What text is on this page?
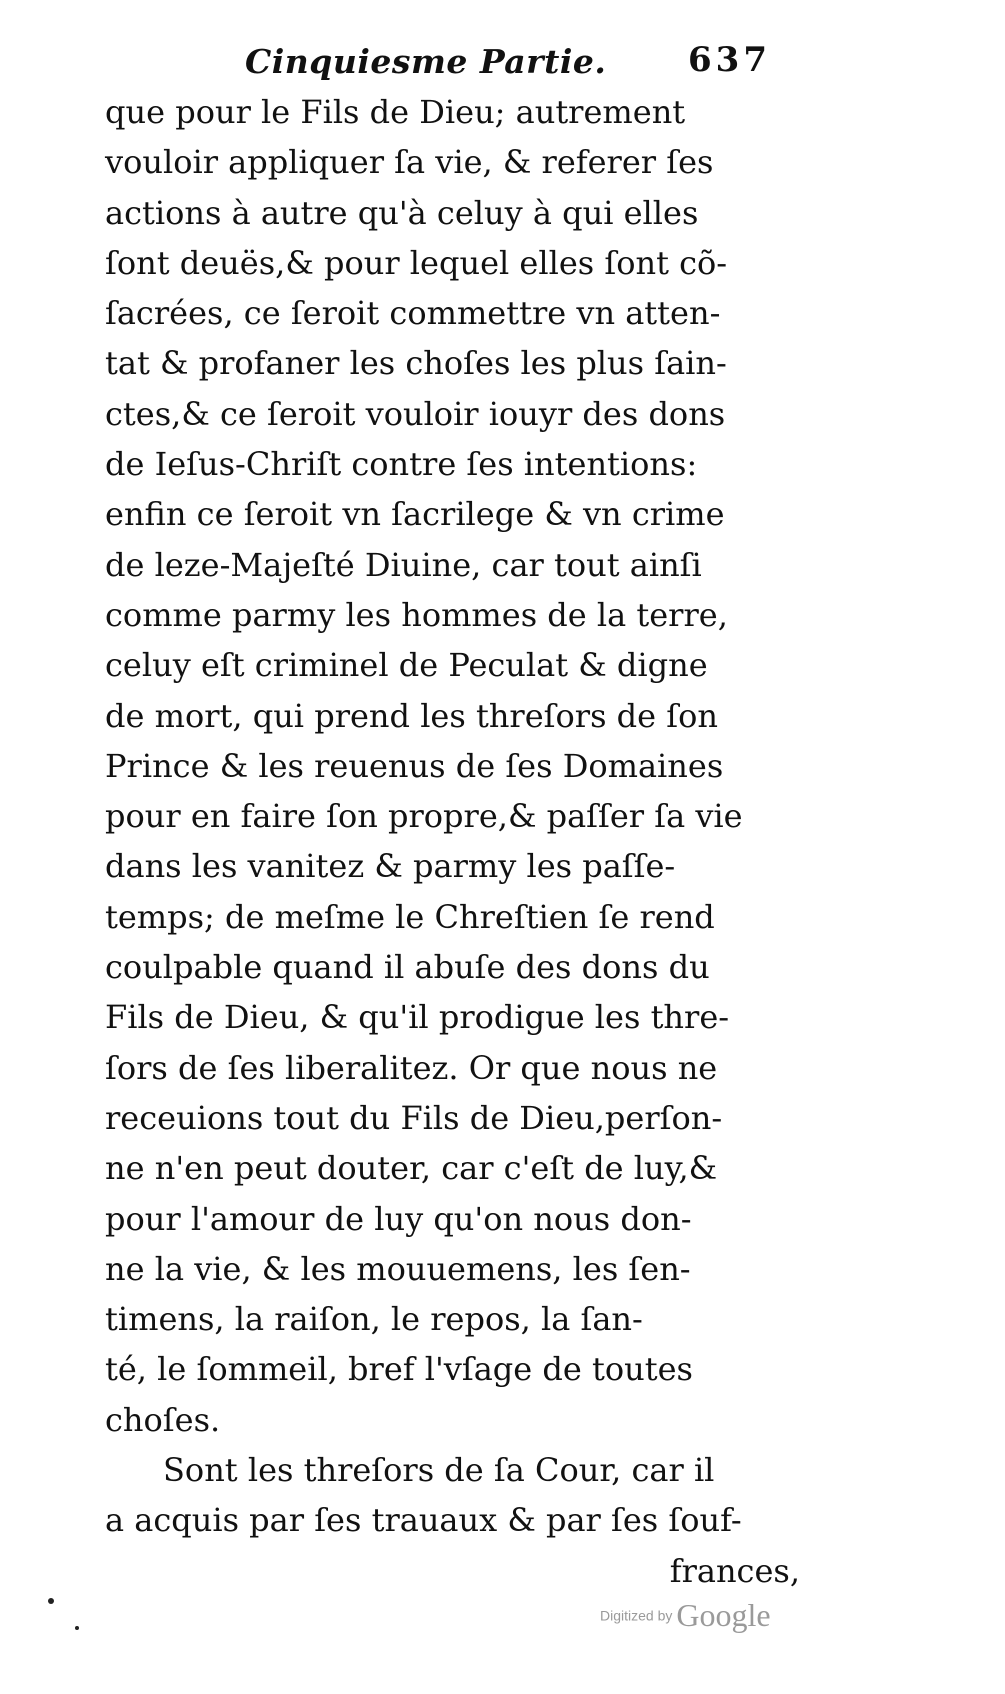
Cinquiesme Partie. 637
que pour le Fils de Dieu; autrement
vouloir appliquer ſa vie, & referer ſes
actions à autre qu'à celuy à qui elles
ſont deuës,& pour lequel elles ſont cõ-
ſacrées, ce ſeroit commettre vn atten-
tat & profaner les choſes les plus ſain-
ctes,& ce ſeroit vouloir iouyr des dons
de Ieſus-Chriſt contre ſes intentions:
enfin ce ſeroit vn ſacrilege & vn crime
de leze-Majeſté Diuine, car tout ainſi
comme parmy les hommes de la terre,
celuy eſt criminel de Peculat & digne
de mort, qui prend les threſors de ſon
Prince & les reuenus de ſes Domaines
pour en faire ſon propre,& paſſer ſa vie
dans les vanitez & parmy les paſſe-
temps; de meſme le Chreſtien ſe rend
coulpable quand il abuſe des dons du
Fils de Dieu, & qu'il prodigue les thre-
ſors de ſes liberalitez. Or que nous ne
receuions tout du Fils de Dieu,perſon-
ne n'en peut douter, car c'eſt de luy,&
pour l'amour de luy qu'on nous don-
ne la vie, & les mouuemens, les ſen-
timens, la raiſon, le repos, la ſan-
té, le ſommeil, bref l'vſage de toutes
choſes.
Sont les threſors de ſa Cour, car il
a acquis par ſes trauaux & par ſes ſouf-
frances,
Digitized by Google
